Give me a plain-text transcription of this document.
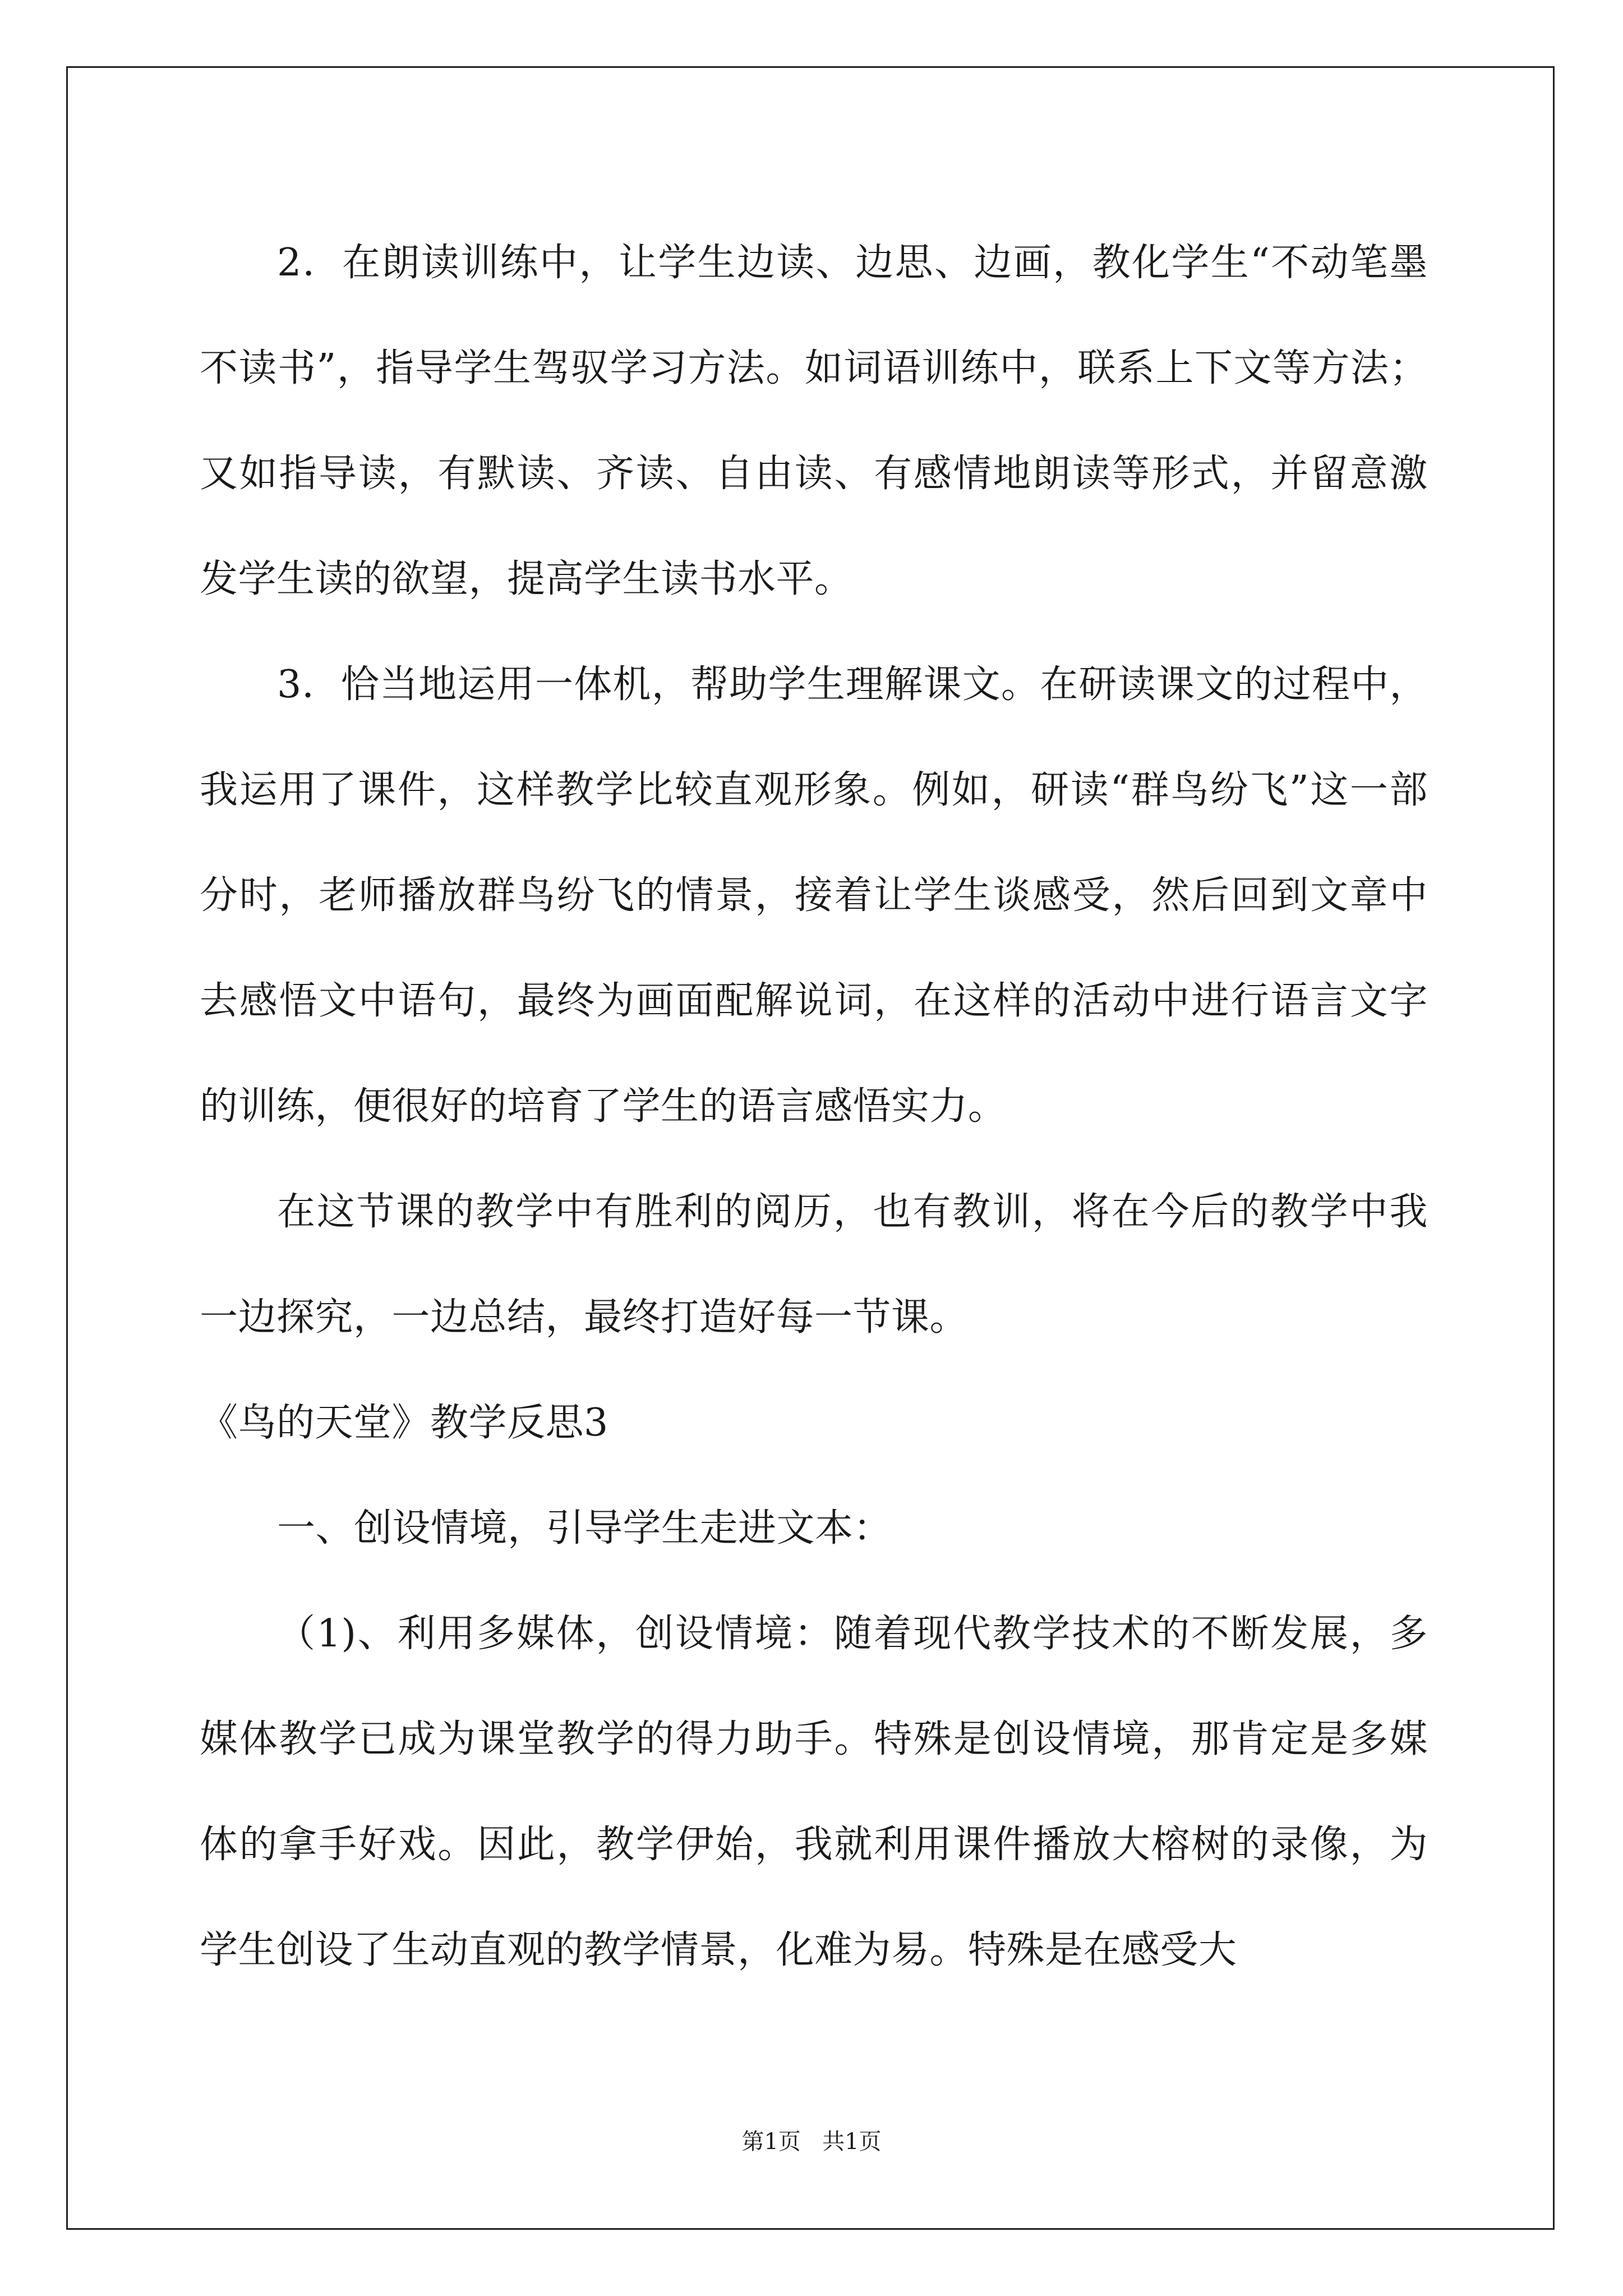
2．在朗读训练中，让学生边读、边思、边画，教化学生“不动笔墨不读书”，指导学生驾驭学习方法。如词语训练中，联系上下文等方法；又如指导读，有默读、齐读、自由读、有感情地朗读等形式，并留意激发学生读的欲望，提高学生读书水平。

3．恰当地运用一体机，帮助学生理解课文。在研读课文的过程中，我运用了课件，这样教学比较直观形象。例如，研读“群鸟纷飞”这一部分时，老师播放群鸟纷飞的情景，接着让学生谈感受，然后回到文章中去感悟文中语句，最终为画面配解说词，在这样的活动中进行语言文字的训练，便很好的培育了学生的语言感悟实力。

在这节课的教学中有胜利的阅历，也有教训，将在今后的教学中我一边探究，一边总结，最终打造好每一节课。

《鸟的天堂》教学反思3

一、创设情境，引导学生走进文本：

（1)、利用多媒体，创设情境：随着现代教学技术的不断发展，多媒体教学已成为课堂教学的得力助手。特殊是创设情境，那肯定是多媒体的拿手好戏。因此，教学伊始，我就利用课件播放大榕树的录像，为学生创设了生动直观的教学情景，化难为易。特殊是在感受大

第1页 共1页
